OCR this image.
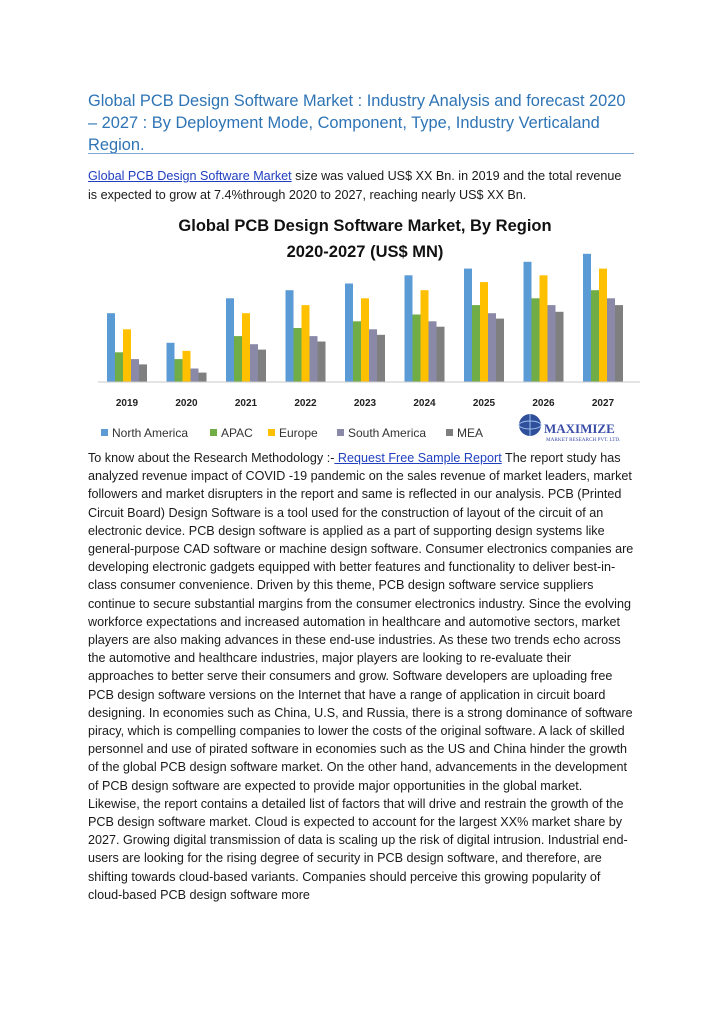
Global PCB Design Software Market : Industry Analysis and forecast 2020 – 2027 : By Deployment Mode, Component, Type, Industry Verticaland Region.

Global PCB Design Software Market size was valued US$ XX Bn. in 2019 and the total revenue is expected to grow at 7.4%through 2020 to 2027, reaching nearly US$ XX Bn.

Global PCB Design Software Market, By Region
2020-2027 (US$ MN)
2019	2020	2021	2022	2023	2024	2025	2026	2027
North America	APAC Europe	South America	MEA	MAXIMIZE
MARKET RESEARCH PVT. LTD.

To know about the Research Methodology :- Request Free Sample Report The report study has analyzed revenue impact of COVID -19 pandemic on the sales revenue of market leaders, market followers and market disrupters in the report and same is reflected in our analysis. PCB (Printed Circuit Board) Design Software is a tool used for the construction of layout of the circuit of an electronic device. PCB design software is applied as a part of supporting design systems like general-purpose CAD software or machine design software. Consumer electronics companies are developing electronic gadgets equipped with better features and functionality to deliver best-in-class consumer convenience. Driven by this theme, PCB design software service suppliers continue to secure substantial margins from the consumer electronics industry. Since the evolving workforce expectations and increased automation in healthcare and automotive sectors, market players are also making advances in these end-use industries. As these two trends echo across the automotive and healthcare industries, major players are looking to re-evaluate their approaches to better serve their consumers and grow. Software developers are uploading free PCB design software versions on the Internet that have a range of application in circuit board designing. In economies such as China, U.S, and Russia, there is a strong dominance of software piracy, which is compelling companies to lower the costs of the original software. A lack of skilled personnel and use of pirated software in economies such as the US and China hinder the growth of the global PCB design software market. On the other hand, advancements in the development of PCB design software are expected to provide major opportunities in the global market. Likewise, the report contains a detailed list of factors that will drive and restrain the growth of the PCB design software market. Cloud is expected to account for the largest XX% market share by 2027. Growing digital transmission of data is scaling up the risk of digital intrusion. Industrial end-users are looking for the rising degree of security in PCB design software, and therefore, are shifting towards cloud-based variants. Companies should perceive this growing popularity of cloud-based PCB design software more
